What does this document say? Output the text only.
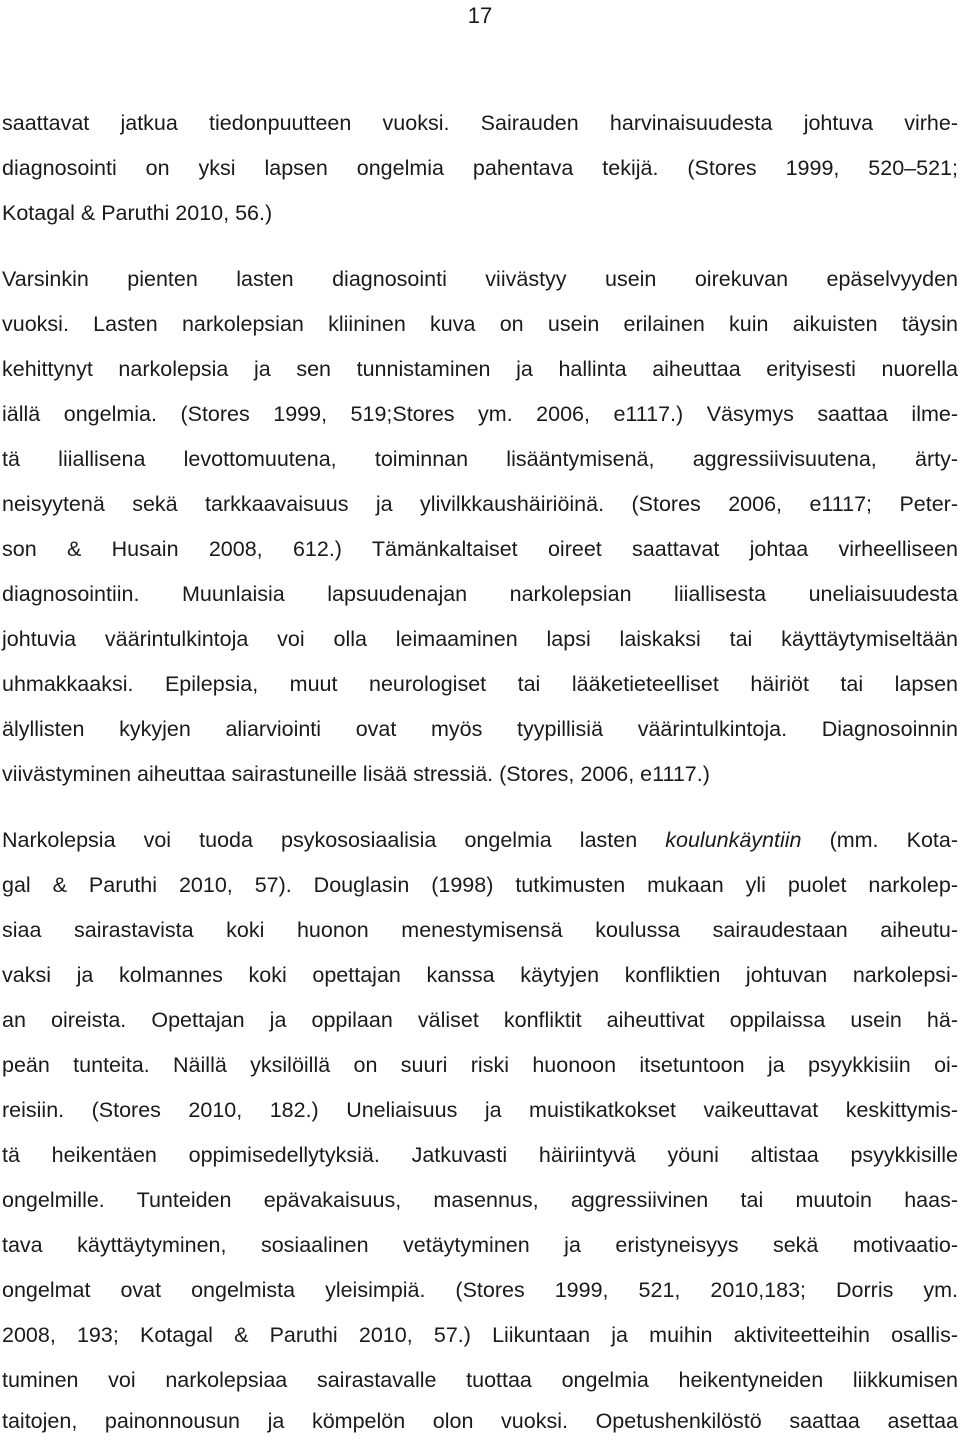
17
saattavat jatkua tiedonpuutteen vuoksi. Sairauden harvinaisuudesta johtuva virhe-
diagnosointi on yksi lapsen ongelmia pahentava tekijä. (Stores 1999, 520–521;
Kotagal & Paruthi 2010, 56.)
Varsinkin pienten lasten diagnosointi viivästyy usein oirekuvan epäselvyyden
vuoksi. Lasten narkolepsian kliininen kuva on usein erilainen kuin aikuisten täysin
kehittynyt narkolepsia ja sen tunnistaminen ja hallinta aiheuttaa erityisesti nuorella
iällä ongelmia. (Stores 1999, 519;Stores ym. 2006, e1117.) Väsymys saattaa ilme-
tä liiallisena levottomuutena, toiminnan lisääntymisenä, aggressiivisuutena, ärty-
neisyytenä sekä tarkkaavaisuus ja ylivilkkaushäiriöinä. (Stores 2006, e1117; Peter-
son & Husain 2008, 612.) Tämänkaltaiset oireet saattavat johtaa virheelliseen
diagnosointiin. Muunlaisia lapsuudenajan narkolepsian liiallisesta uneliaisuudesta
johtuvia väärintulkintoja voi olla leimaaminen lapsi laiskaksi tai käyttäytymiseltään
uhmakkaaksi. Epilepsia, muut neurologiset tai lääketieteelliset häiriöt tai lapsen
älyllisten kykyjen aliarviointi ovat myös tyypillisiä väärintulkintoja. Diagnosoinnin
viivästyminen aiheuttaa sairastuneille lisää stressiä. (Stores, 2006, e1117.)
Narkolepsia voi tuoda psykososiaalisia ongelmia lasten koulunkäyntiin (mm. Kota-
gal & Paruthi 2010, 57). Douglasin (1998) tutkimusten mukaan yli puolet narkolep-
siaa sairastavista koki huonon menestymisensä koulussa sairaudestaan aiheutu-
vaksi ja kolmannes koki opettajan kanssa käytyjen konfliktien johtuvan narkolepsi-
an oireista. Opettajan ja oppilaan väliset konfliktit aiheuttivat oppilaissa usein hä-
peän tunteita. Näillä yksilöillä on suuri riski huonoon itsetuntoon ja psyykkisiin oi-
reisiin. (Stores 2010, 182.) Uneliaisuus ja muistikatkokset vaikeuttavat keskittymis-
tä heikentäen oppimisedellytyksiä. Jatkuvasti häiriintyvä yöuni altistaa psyykkisille
ongelmille. Tunteiden epävakaisuus, masennus, aggressiivinen tai muutoin haas-
tava käyttäytyminen, sosiaalinen vetäytyminen ja eristyneisyys sekä motivaatio-
ongelmat ovat ongelmista yleisimpiä. (Stores 1999, 521, 2010,183; Dorris ym.
2008, 193; Kotagal & Paruthi 2010, 57.) Liikuntaan ja muihin aktiviteetteihin osallis-
tuminen voi narkolepsiaa sairastavalle tuottaa ongelmia heikentyneiden liikkumisen
taitojen, painonnousun ja kömpelön olon vuoksi. Opetushenkilöstö saattaa asettaa
